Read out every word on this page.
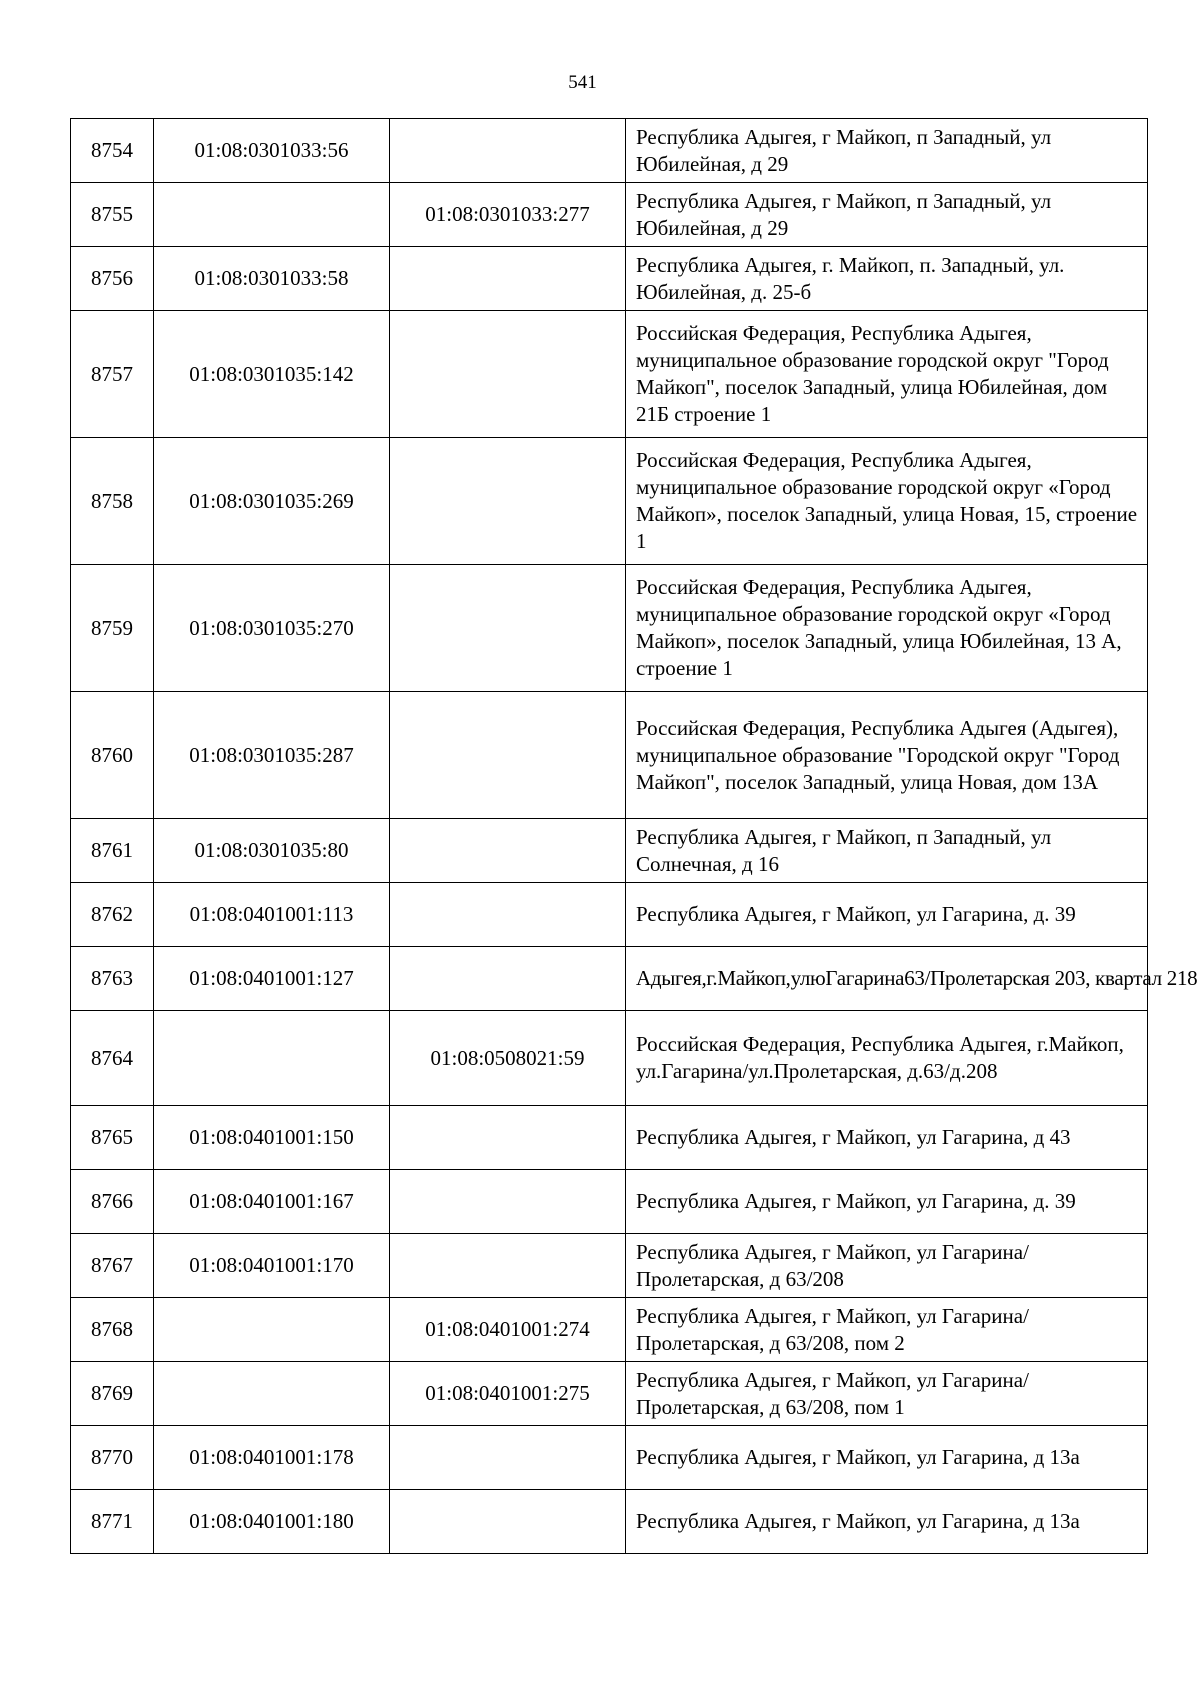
541
8754	01:08:0301033:56		Республика Адыгея, г Майкоп, п Западный, ул Юбилейная, д 29
8755		01:08:0301033:277	Республика Адыгея, г Майкоп, п Западный, ул Юбилейная, д 29
8756	01:08:0301033:58		Республика Адыгея, г. Майкоп, п. Западный, ул. Юбилейная, д. 25-б
8757	01:08:0301035:142		Российская Федерация, Республика Адыгея, муниципальное образование городской округ "Город Майкоп", поселок Западный, улица Юбилейная, дом 21Б строение 1
8758	01:08:0301035:269		Российская Федерация, Республика Адыгея, муниципальное образование городской округ «Город Майкоп», поселок Западный, улица Новая, 15, строение 1
8759	01:08:0301035:270		Российская Федерация, Республика Адыгея, муниципальное образование городской округ «Город Майкоп», поселок Западный, улица Юбилейная, 13 А, строение 1
8760	01:08:0301035:287		Российская Федерация, Республика Адыгея (Адыгея), муниципальное образование "Городской округ "Город Майкоп", поселок Западный, улица Новая, дом 13А
8761	01:08:0301035:80		Республика Адыгея, г Майкоп, п Западный, ул Солнечная, д 16
8762	01:08:0401001:113		Республика Адыгея, г Майкоп, ул Гагарина, д. 39
8763	01:08:0401001:127		Адыгея,г.Майкоп,улюГагарина63/Пролетарская 203, квартал 218
8764		01:08:0508021:59	Российская Федерация, Республика Адыгея, г.Майкоп, ул.Гагарина/ул.Пролетарская, д.63/д.208
8765	01:08:0401001:150		Республика Адыгея, г Майкоп, ул Гагарина, д 43
8766	01:08:0401001:167		Республика Адыгея, г Майкоп, ул Гагарина, д. 39
8767	01:08:0401001:170		Республика Адыгея, г Майкоп, ул Гагарина/Пролетарская, д 63/208
8768		01:08:0401001:274	Республика Адыгея, г Майкоп, ул Гагарина/Пролетарская, д 63/208, пом 2
8769		01:08:0401001:275	Республика Адыгея, г Майкоп, ул Гагарина/Пролетарская, д 63/208, пом 1
8770	01:08:0401001:178		Республика Адыгея, г Майкоп, ул Гагарина, д 13а
8771	01:08:0401001:180		Республика Адыгея, г Майкоп, ул Гагарина, д 13а
